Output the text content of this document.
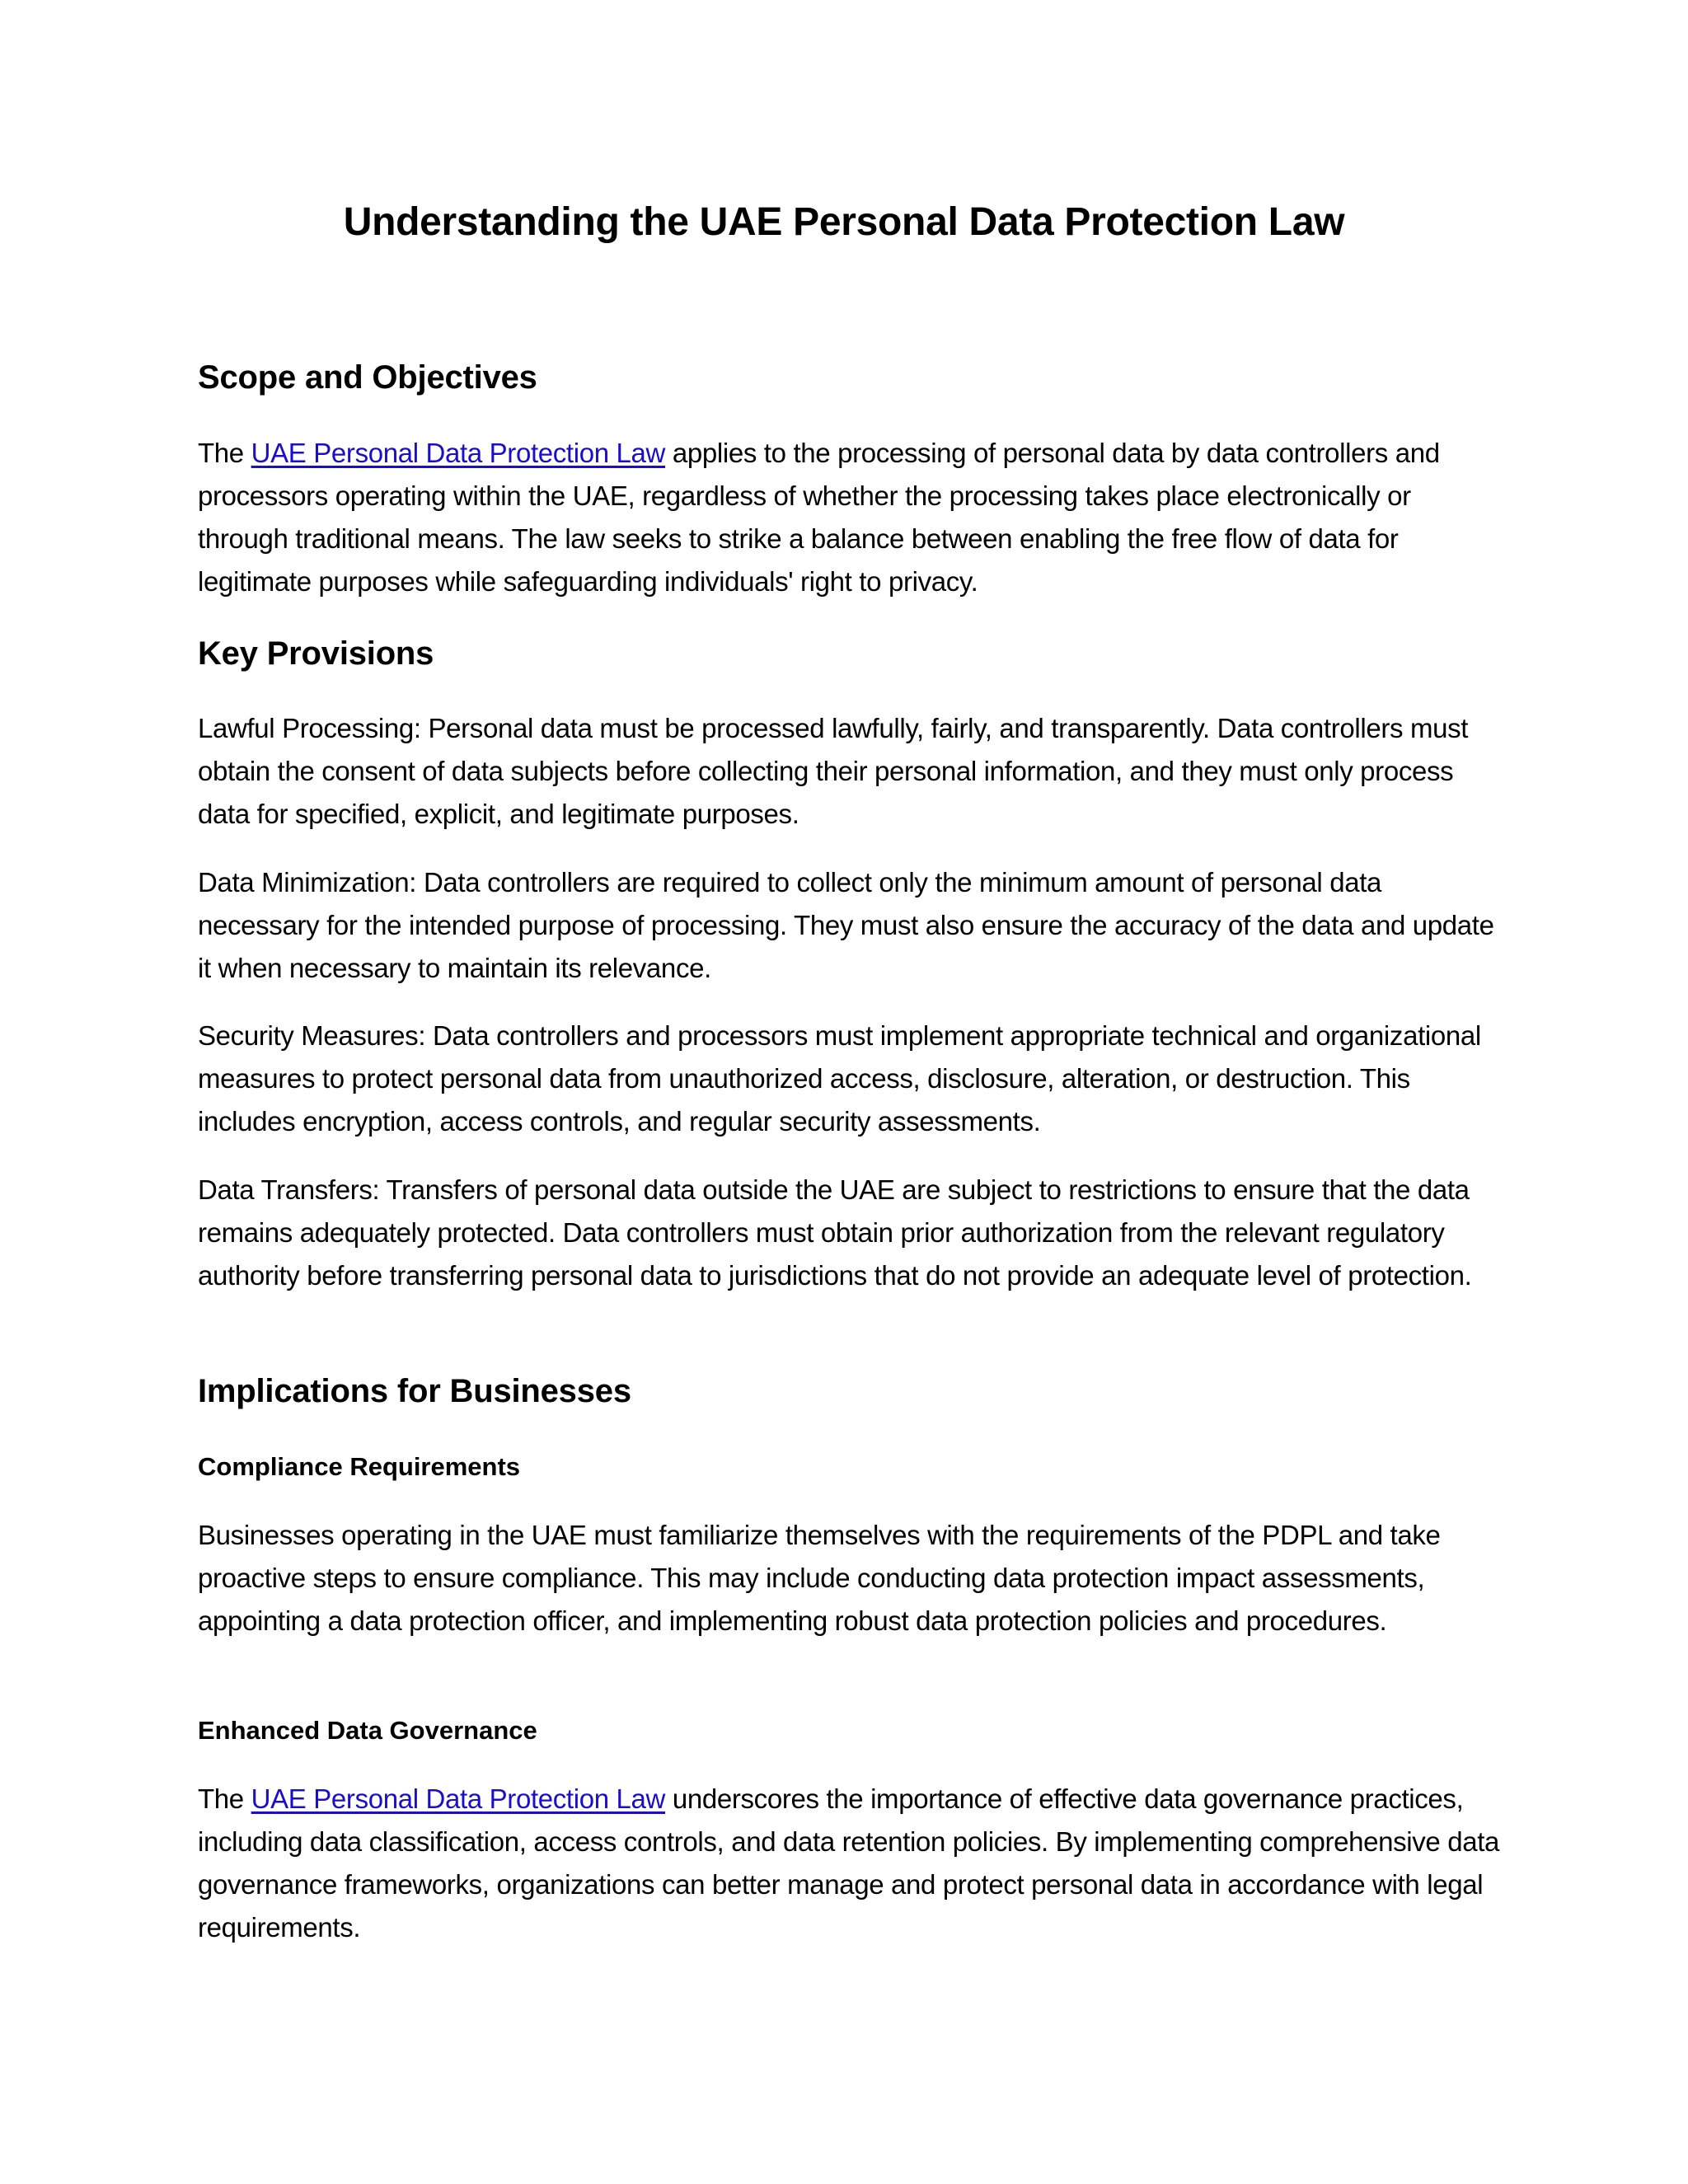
Understanding the UAE Personal Data Protection Law
Scope and Objectives

The UAE Personal Data Protection Law applies to the processing of personal data by data controllers and processors operating within the UAE, regardless of whether the processing takes place electronically or through traditional means. The law seeks to strike a balance between enabling the free flow of data for legitimate purposes while safeguarding individuals' right to privacy.

Key Provisions

Lawful Processing: Personal data must be processed lawfully, fairly, and transparently. Data controllers must obtain the consent of data subjects before collecting their personal information, and they must only process data for specified, explicit, and legitimate purposes.

Data Minimization: Data controllers are required to collect only the minimum amount of personal data necessary for the intended purpose of processing. They must also ensure the accuracy of the data and update it when necessary to maintain its relevance.

Security Measures: Data controllers and processors must implement appropriate technical and organizational measures to protect personal data from unauthorized access, disclosure, alteration, or destruction. This includes encryption, access controls, and regular security assessments.

Data Transfers: Transfers of personal data outside the UAE are subject to restrictions to ensure that the data remains adequately protected. Data controllers must obtain prior authorization from the relevant regulatory authority before transferring personal data to jurisdictions that do not provide an adequate level of protection.

Implications for Businesses
Compliance Requirements

Businesses operating in the UAE must familiarize themselves with the requirements of the PDPL and take proactive steps to ensure compliance. This may include conducting data protection impact assessments, appointing a data protection officer, and implementing robust data protection policies and procedures.

Enhanced Data Governance

The UAE Personal Data Protection Law underscores the importance of effective data governance practices, including data classification, access controls, and data retention policies. By implementing comprehensive data governance frameworks, organizations can better manage and protect personal data in accordance with legal requirements.
